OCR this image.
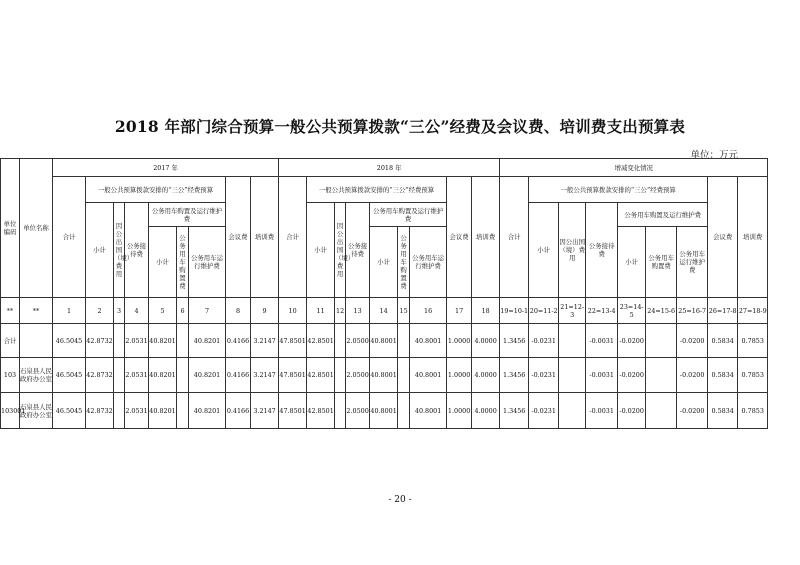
2018 年部门综合预算一般公共预算拨款“三公”经费及会议费、培训费支出预算表
单位：万元
单位编码	单位名称	2017 年									2018 年									增减变化情况								
		合计	一般公共预算拨款安排的“三公”经费预算						会议费	培训费	合计	一般公共预算拨款安排的“三公”经费预算						会议费	培训费	合计	一般公共预算拨款安排的“三公”经费预算						会议费	培训费
			小计	因公出国（境）费用	公务接待费	公务用车购置及运行维护费						小计	因公出国（境）费用	公务接待费	公务用车购置及运行维护费						小计	因公出国（境）费用	公务接待费	公务用车购置及运行维护费				
						小计	公务用车购置费	公务用车运行维护费							小计	公务用车购置费	公务用车运行维护费							小计	公务用车购置费	公务用车运行维护费		

**	**	1	2	3	4	5	6	7	8	9	10	11	12	13	14	15	16	17	18	19=10-1	20=11-2	21=12-3	22=13-4	23=14-5	24=15-6	25=16-7	26=17-8	27=18-9
合计		46.5045	42.8732		2.0531	40.8201		40.8201	0.4166	3.2147	47.8501	42.8501		2.0500	40.8001		40.8001	1.0000	4.0000	1.3456	-0.0231		-0.0031	-0.0200		-0.0200	0.5834	0.7853
103	石泉县人民政府办公室	46.5045	42.8732		2.0531	40.8201		40.8201	0.4166	3.2147	47.8501	42.8501		2.0500	40.8001		40.8001	1.0000	4.0000	1.3456	-0.0231		-0.0031	-0.0200		-0.0200	0.5834	0.7853
103001	石泉县人民政府办公室	46.5045	42.8732		2.0531	40.8201		40.8201	0.4166	3.2147	47.8501	42.8501		2.0500	40.8001		40.8001	1.0000	4.0000	1.3456	-0.0231		-0.0031	-0.0200		-0.0200	0.5834	0.7853
- 20 -
